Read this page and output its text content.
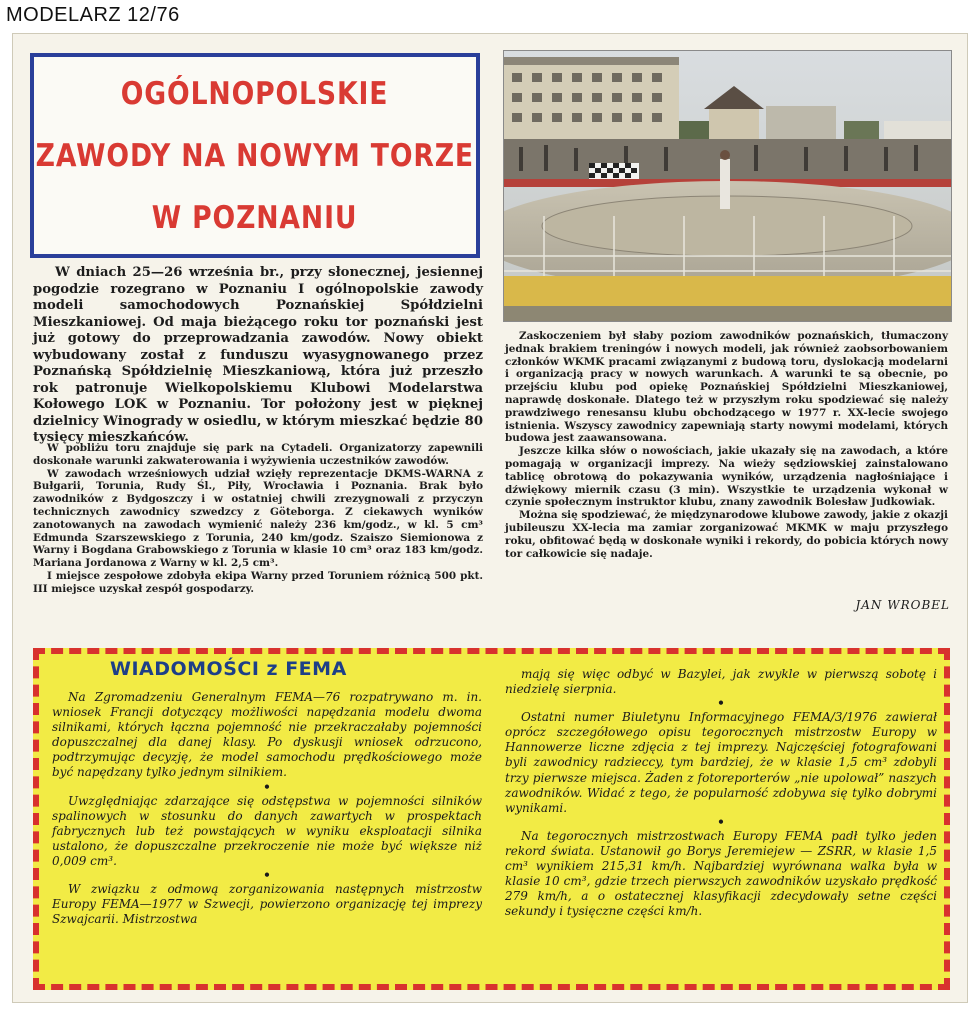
MODELARZ 12/76
OGÓLNOPOLSKIE
ZAWODY NA NOWYM TORZE
W POZNANIU

W dniach 25—26 września br., przy słonecznej, jesiennej pogodzie rozegrano w Poznaniu I ogólnopolskie zawody modeli samochodowych Poznańskiej Spółdzielni Mieszkaniowej. Od maja bieżącego roku tor poznański jest już gotowy do przeprowadzania zawodów. Nowy obiekt wybudowany został z funduszu wyasygnowanego przez Poznańską Spółdzielnię Mieszkaniową, która już przeszło rok patronuje Wielkopolskiemu Klubowi Modelarstwa Kołowego LOK w Poznaniu. Tor położony jest w pięknej dzielnicy Winogrady w osiedlu, w którym mieszkać będzie 80 tysięcy mieszkańców.

W pobliżu toru znajduje się park na Cytadeli. Organizatorzy zapewnili doskonałe warunki zakwaterowania i wyżywienia uczestników zawodów.

W zawodach wrześniowych udział wzięły reprezentacje DKMS-WARNA z Bułgarii, Torunia, Rudy Śl., Piły, Wrocławia i Poznania. Brak było zawodników z Bydgoszczy i w ostatniej chwili zrezygnowali z przyczyn technicznych zawodnicy szwedzcy z Göteborga. Z ciekawych wyników zanotowanych na zawodach wymienić należy 236 km/godz., w kl. 5 cm³ Edmunda Szarszewskiego z Torunia, 240 km/godz. Szaiszo Siemionowa z Warny i Bogdana Grabowskiego z Torunia w klasie 10 cm³ oraz 183 km/godz. Mariana Jordanowa z Warny w kl. 2,5 cm³.

I miejsce zespołowe zdobyła ekipa Warny przed Toruniem różnicą 500 pkt. III miejsce uzyskał zespół gospodarzy.

Zaskoczeniem był słaby poziom zawodników poznańskich, tłumaczony jednak brakiem treningów i nowych modeli, jak również zaobsorbowaniem członków WKMK pracami związanymi z budową toru, dyslokacją modelarni i organizacją pracy w nowych warunkach. A warunki te są obecnie, po przejściu klubu pod opiekę Poznańskiej Spółdzielni Mieszkaniowej, naprawdę doskonałe. Dlatego też w przyszłym roku spodziewać się należy prawdziwego renesansu klubu obchodzącego w 1977 r. XX-lecie swojego istnienia. Wszyscy zawodnicy zapewniają starty nowymi modelami, których budowa jest zaawansowana.

Jeszcze kilka słów o nowościach, jakie ukazały się na zawodach, a które pomagają w organizacji imprezy. Na wieży sędziowskiej zainstalowano tablicę obrotową do pokazywania wyników, urządzenia nagłośniające i dźwiękowy miernik czasu (3 min). Wszystkie te urządzenia wykonał w czynie społecznym instruktor klubu, znany zawodnik Bolesław Judkowiak.

Można się spodziewać, że międzynarodowe klubowe zawody, jakie z okazji jubileuszu XX-lecia ma zamiar zorganizować MKMK w maju przyszłego roku, obfitować będą w doskonałe wyniki i rekordy, do pobicia których nowy tor całkowicie się nadaje.

JAN WROBEL
WIADOMOŚCI z FEMA

Na Zgromadzeniu Generalnym FEMA—76 rozpatrywano m. in. wniosek Francji dotyczący możliwości napędzania modelu dwoma silnikami, których łączna pojemność nie przekraczałaby pojemności dopuszczalnej dla danej klasy. Po dyskusji wniosek odrzucono, podtrzymując decyzję, że model samochodu prędkościowego może być napędzany tylko jednym silnikiem.

•

Uwzględniając zdarzające się odstępstwa w pojemności silników spalinowych w stosunku do danych zawartych w prospektach fabrycznych lub też powstających w wyniku eksploatacji silnika ustalono, że dopuszczalne przekroczenie nie może być większe niż 0,009 cm³.

•

W związku z odmową zorganizowania następnych mistrzostw Europy FEMA—1977 w Szwecji, powierzono organizację tej imprezy Szwajcarii. Mistrzostwa

mają się więc odbyć w Bazylei, jak zwykle w pierwszą sobotę i niedzielę sierpnia.

•

Ostatni numer Biuletynu Informacyjnego FEMA/3/1976 zawierał oprócz szczegółowego opisu tegorocznych mistrzostw Europy w Hannowerze liczne zdjęcia z tej imprezy. Najczęściej fotografowani byli zawodnicy radzieccy, tym bardziej, że w klasie 1,5 cm³ zdobyli trzy pierwsze miejsca. Żaden z fotoreporterów „nie upolował” naszych zawodników. Widać z tego, że popularność zdobywa się tylko dobrymi wynikami.

•

Na tegorocznych mistrzostwach Europy FEMA padł tylko jeden rekord świata. Ustanowił go Borys Jeremiejew — ZSRR, w klasie 1,5 cm³ wynikiem 215,31 km/h. Najbardziej wyrównana walka była w klasie 10 cm³, gdzie trzech pierwszych zawodników uzyskało prędkość 279 km/h, a o ostatecznej klasyfikacji zdecydowały setne części sekundy i tysięczne części km/h.
